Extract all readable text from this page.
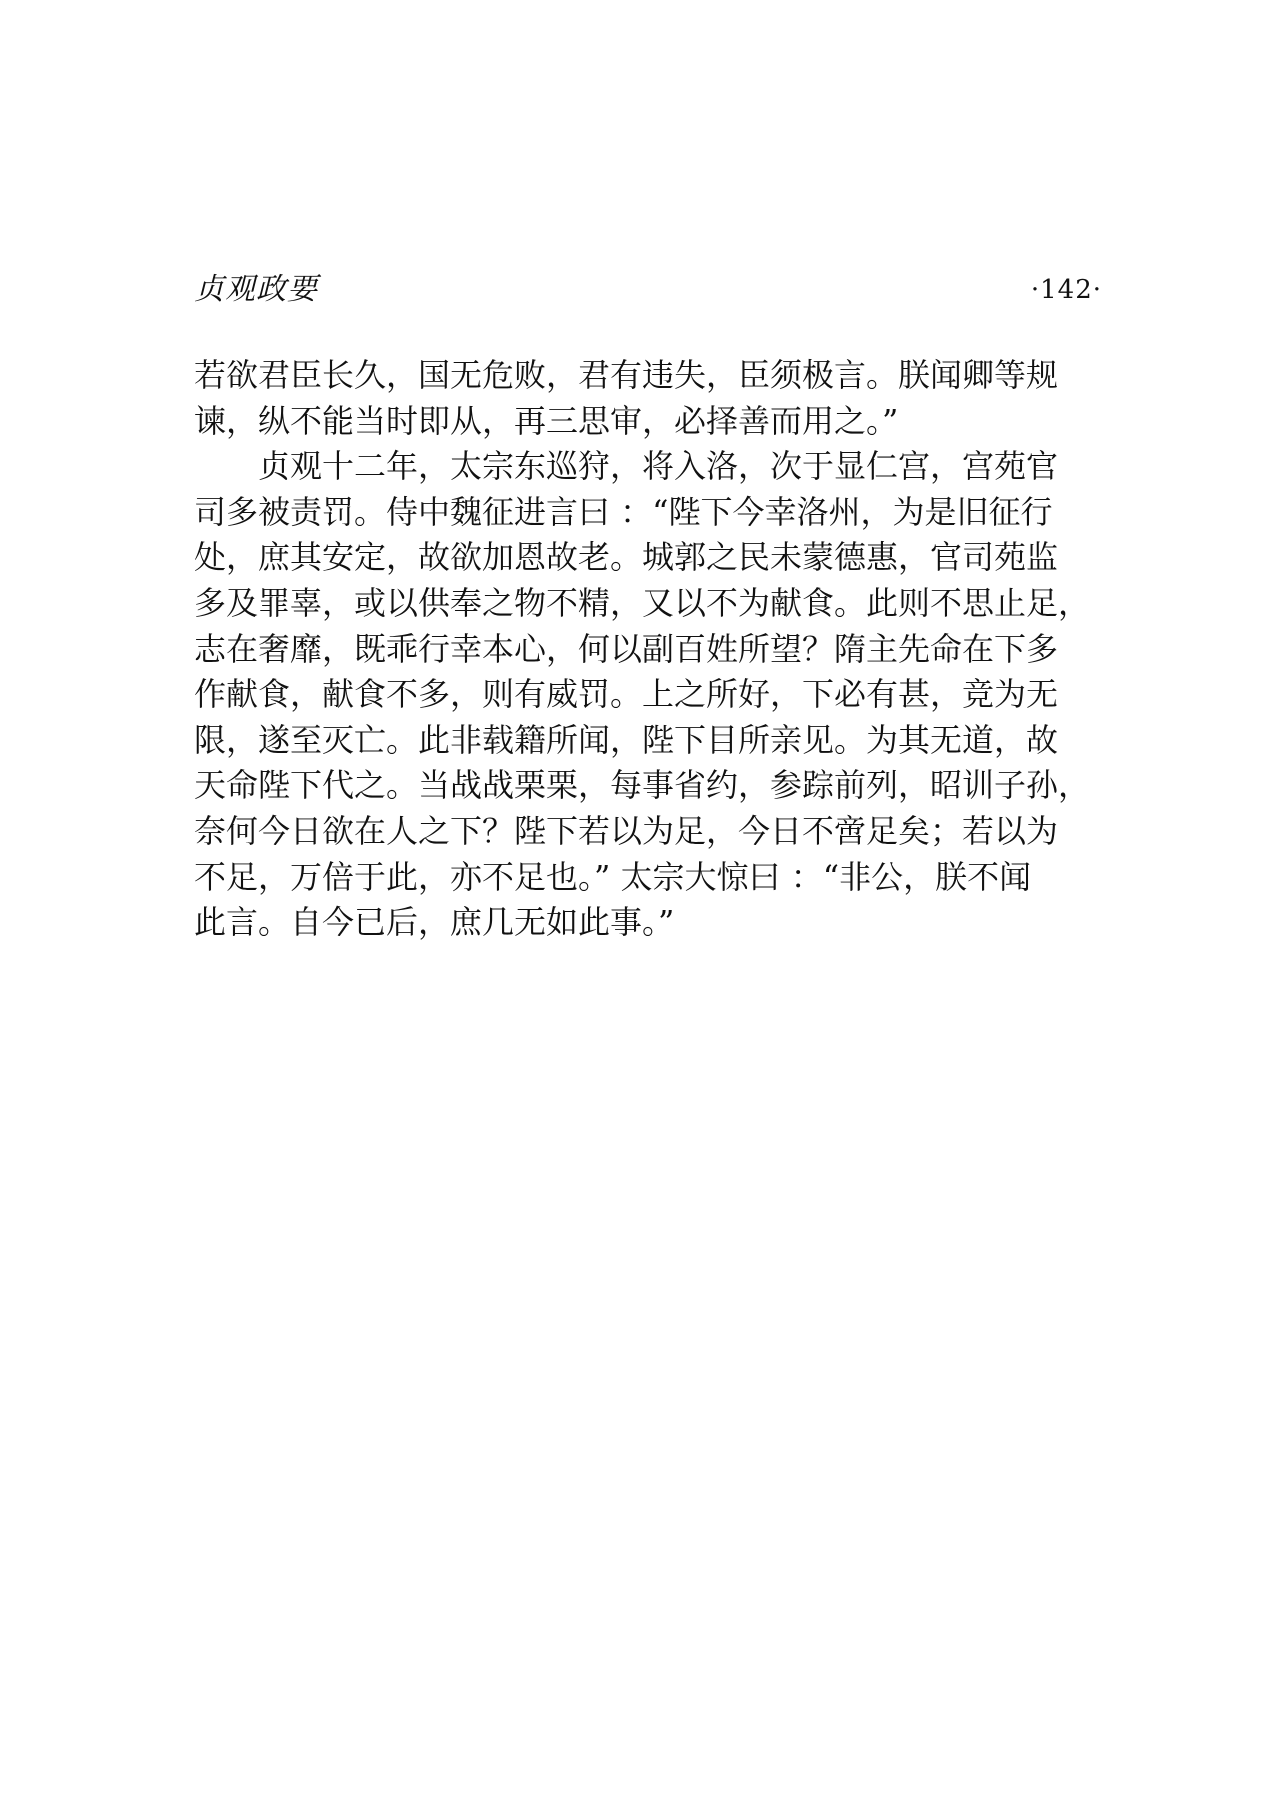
贞观政要	·142·
若欲君臣长久，国无危败，君有违失，臣须极言。朕闻卿等规
谏，纵不能当时即从，再三思审，必择善而用之。”
贞观十二年，太宗东巡狩，将入洛，次于显仁宫，宫苑官
司多被责罚。侍中魏征进言曰 ：“陛下今幸洛州，为是旧征行
处，庶其安定，故欲加恩故老。城郭之民未蒙德惠，官司苑监
多及罪辜，或以供奉之物不精，又以不为献食。此则不思止足，
志在奢靡，既乖行幸本心，何以副百姓所望？隋主先命在下多
作献食，献食不多，则有威罚。上之所好，下必有甚，竞为无
限，遂至灭亡。此非载籍所闻，陛下目所亲见。为其无道，故
天命陛下代之。当战战栗栗，每事省约，参踪前列，昭训子孙，
奈何今日欲在人之下？陛下若以为足，今日不啻足矣；若以为
不足，万倍于此，亦不足也。” 太宗大惊曰 ：“非公，朕不闻
此言。自今已后，庶几无如此事。”
